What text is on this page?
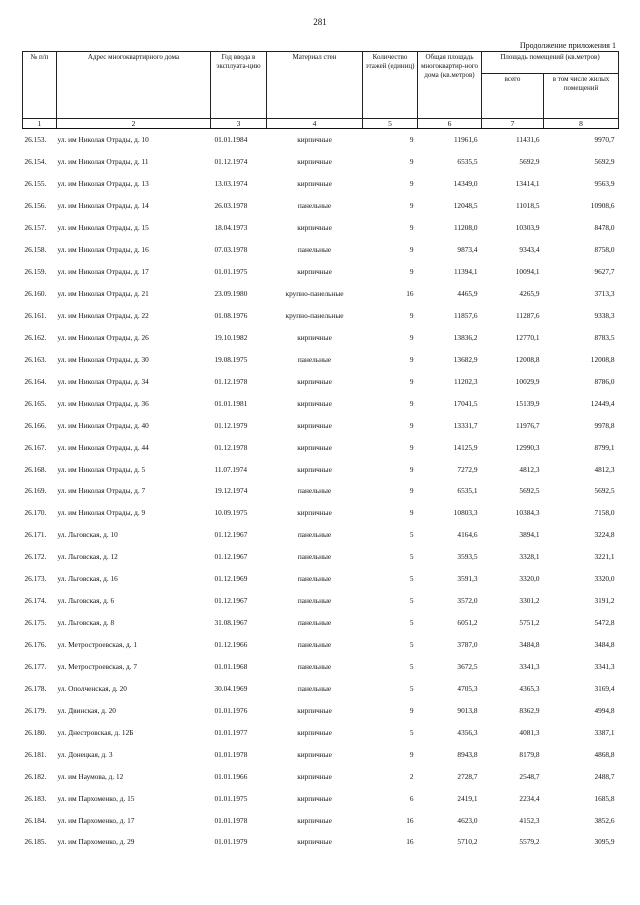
281
Продолжение приложения 1
№ п/п	Адрес многоквартирного дома	Год ввода в эксплуата-цию	Материал стен	Количество этажей (единиц)	Общая площадь многоквартир-ного дома (кв.метров)	Площадь помещений (кв.метров)	
						всего	в том числе жилых помещений
1	2	3	4	5	6	7	8
26.153.	ул. им Николая Отрады, д. 10	01.01.1984	кирпичные	9	11961,6	11431,6	9970,7
26.154.	ул. им Николая Отрады, д. 11	01.12.1974	кирпичные	9	6535,5	5692,9	5692,9
26.155.	ул. им Николая Отрады, д. 13	13.03.1974	кирпичные	9	14349,0	13414,1	9563,9
26.156.	ул. им Николая Отрады, д. 14	26.03.1978	панельные	9	12048,5	11018,5	10908,6
26.157.	ул. им Николая Отрады, д. 15	18.04.1973	кирпичные	9	11208,0	10303,9	8478,0
26.158.	ул. им Николая Отрады, д. 16	07.03.1978	панельные	9	9873,4	9343,4	8758,0
26.159.	ул. им Николая Отрады, д. 17	01.01.1975	кирпичные	9	11394,1	10094,1	9627,7
26.160.	ул. им Николая Отрады, д. 21	23.09.1980	крупно-панельные	16	4465,9	4265,9	3713,3
26.161.	ул. им Николая Отрады, д. 22	01.08.1976	крупно-панельные	9	11857,6	11287,6	9338,3
26.162.	ул. им Николая Отрады, д. 26	19.10.1982	кирпичные	9	13836,2	12770,1	8783,5
26.163.	ул. им Николая Отрады, д. 30	19.08.1975	панельные	9	13682,9	12008,8	12008,8
26.164.	ул. им Николая Отрады, д. 34	01.12.1978	кирпичные	9	11202,3	10029,9	8786,0
26.165.	ул. им Николая Отрады, д. 36	01.01.1981	кирпичные	9	17041,5	15139,9	12449,4
26.166.	ул. им Николая Отрады, д. 40	01.12.1979	кирпичные	9	13331,7	11976,7	9978,8
26.167.	ул. им Николая Отрады, д. 44	01.12.1978	кирпичные	9	14125,9	12990,3	8799,1
26.168.	ул. им Николая Отрады, д. 5	11.07.1974	кирпичные	9	7272,9	4812,3	4812,3
26.169.	ул. им Николая Отрады, д. 7	19.12.1974	панельные	9	6535,1	5692,5	5692,5
26.170.	ул. им Николая Отрады, д. 9	10.09.1975	кирпичные	9	10803,3	10384,3	7158,0
26.171.	ул. Льговская, д. 10	01.12.1967	панельные	5	4164,6	3894,1	3224,8
26.172.	ул. Льговская, д. 12	01.12.1967	панельные	5	3593,5	3328,1	3221,1
26.173.	ул. Льговская, д. 16	01.12.1969	панельные	5	3591,3	3320,0	3320,0
26.174.	ул. Льговская, д. 6	01.12.1967	панельные	5	3572,0	3301,2	3191,2
26.175.	ул. Льговская, д. 8	31.08.1967	панельные	5	6051,2	5751,2	5472,8
26.176.	ул. Метростроевская, д. 1	01.12.1966	панельные	5	3787,0	3484,8	3484,8
26.177.	ул. Метростроевская, д. 7	01.01.1968	панельные	5	3672,5	3341,3	3341,3
26.178.	ул. Ополченская, д. 20	30.04.1969	панельные	5	4705,3	4365,3	3169,4
26.179.	ул. Двинская, д. 20	01.01.1976	кирпичные	9	9013,8	8362,9	4994,8
26.180.	ул. Днестровская, д. 12Б	01.01.1977	кирпичные	5	4356,3	4081,3	3387,1
26.181.	ул. Донецкая, д. 3	01.01.1978	кирпичные	9	8943,8	8179,8	4868,8
26.182.	ул. им Наумова, д. 12	01.01.1966	кирпичные	2	2728,7	2548,7	2488,7
26.183.	ул. им Пархоменко, д. 15	01.01.1975	кирпичные	6	2419,1	2234,4	1685,8
26.184.	ул. им Пархоменко, д. 17	01.01.1978	кирпичные	16	4623,0	4152,3	3852,6
26.185.	ул. им Пархоменко, д. 29	01.01.1979	кирпичные	16	5710,2	5579,2	3095,9
